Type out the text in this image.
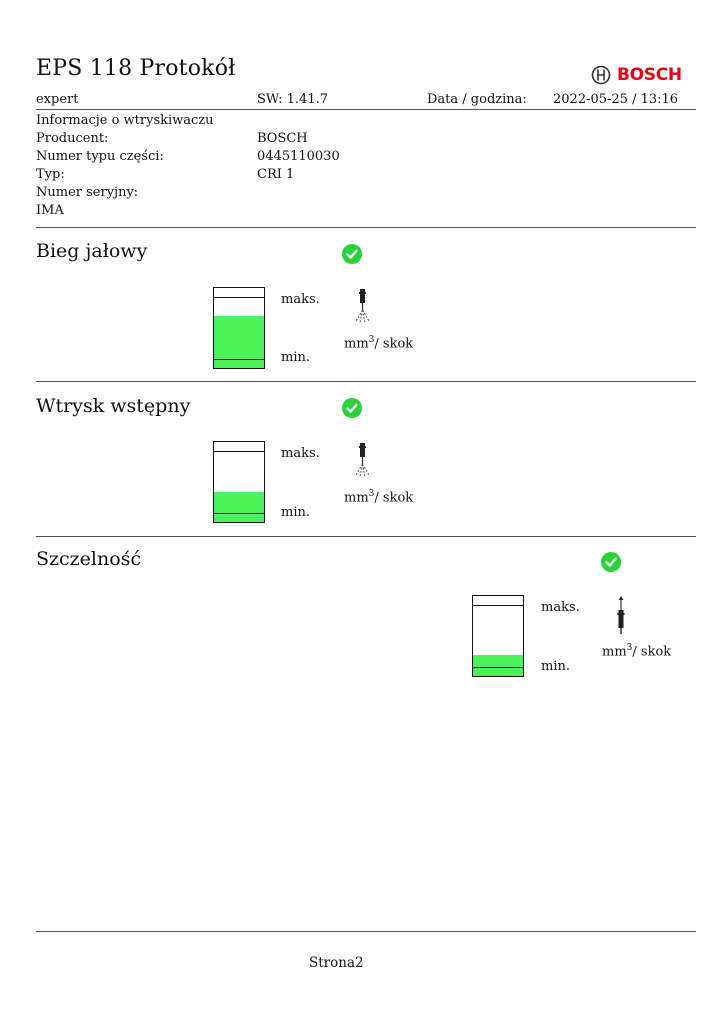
EPS 118 Protokół	BOSCH
expert	SW: 1.41.7	Data / godzina: 2022-05-25 / 13:16
Informacje o wtryskiwaczu
Producent:	BOSCH
Numer typu części:	0445110030
Typ:	CRI 1
Numer seryjny:
IMA
Bieg jałowy
maks.
min.
$mm^3/$ skok
Wtrysk wstępny
maks.
min.
$mm^3/$ skok
Szczelność
maks.
min.
$mm^3/$ skok
Strona2
